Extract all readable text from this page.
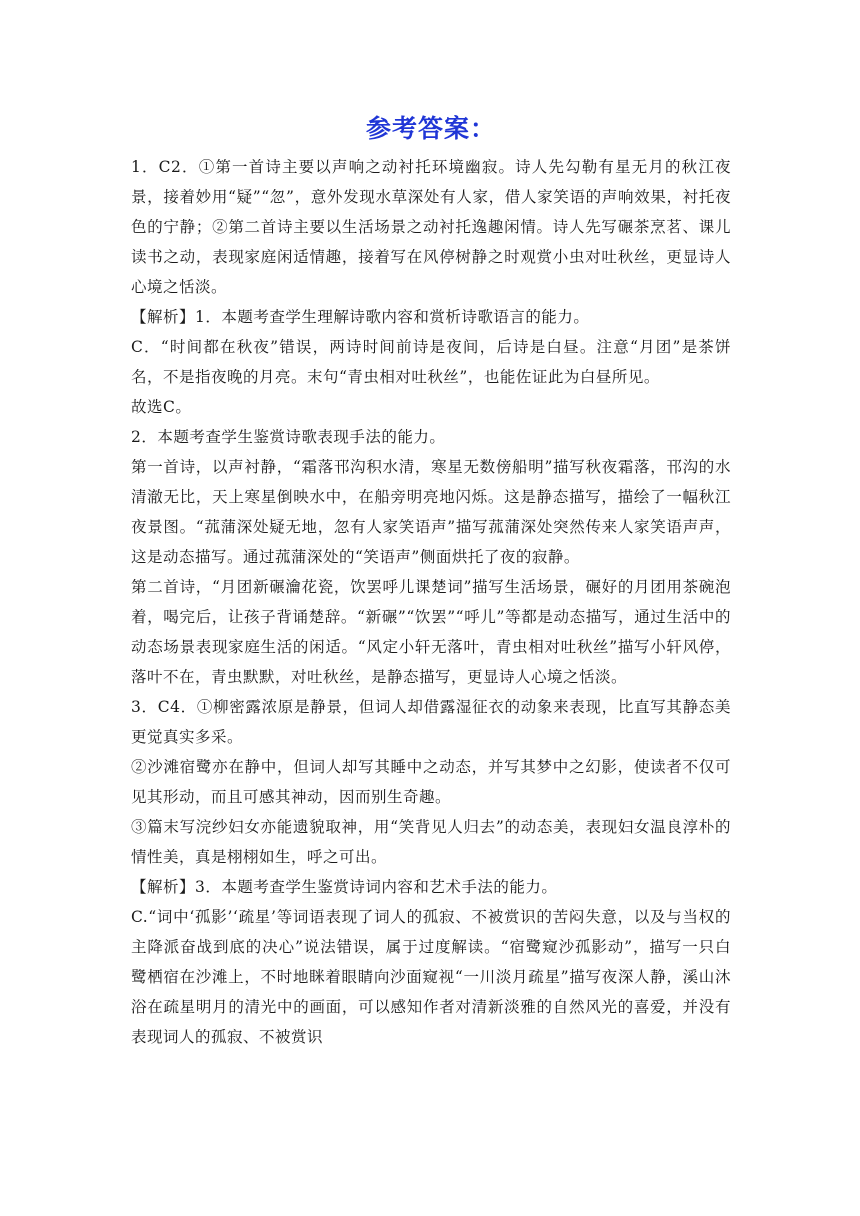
参考答案：

1．C2．①第一首诗主要以声响之动衬托环境幽寂。诗人先勾勒有星无月的秋江夜景，接着妙用“疑”“忽”，意外发现水草深处有人家，借人家笑语的声响效果，衬托夜色的宁静；②第二首诗主要以生活场景之动衬托逸趣闲情。诗人先写碾茶烹茗、课儿读书之动，表现家庭闲适情趣，接着写在风停树静之时观赏小虫对吐秋丝，更显诗人心境之恬淡。

【解析】1．本题考查学生理解诗歌内容和赏析诗歌语言的能力。

C．“时间都在秋夜”错误，两诗时间前诗是夜间，后诗是白昼。注意“月团”是茶饼名，不是指夜晚的月亮。末句“青虫相对吐秋丝”，也能佐证此为白昼所见。

故选C。

2．本题考查学生鉴赏诗歌表现手法的能力。

第一首诗，以声衬静，“霜落邗沟积水清，寒星无数傍船明”描写秋夜霜落，邗沟的水清澈无比，天上寒星倒映水中，在船旁明亮地闪烁。这是静态描写，描绘了一幅秋江夜景图。“菰蒲深处疑无地，忽有人家笑语声”描写菰蒲深处突然传来人家笑语声声，这是动态描写。通过菰蒲深处的“笑语声”侧面烘托了夜的寂静。

第二首诗，“月团新碾瀹花瓷，饮罢呼儿课楚词”描写生活场景，碾好的月团用茶碗泡着，喝完后，让孩子背诵楚辞。“新碾”“饮罢”“呼儿”等都是动态描写，通过生活中的动态场景表现家庭生活的闲适。“风定小轩无落叶，青虫相对吐秋丝”描写小轩风停，落叶不在，青虫默默，对吐秋丝，是静态描写，更显诗人心境之恬淡。

3．C4．①柳密露浓原是静景，但词人却借露湿征衣的动象来表现，比直写其静态美更觉真实多采。

②沙滩宿鹭亦在静中，但词人却写其睡中之动态，并写其梦中之幻影，使读者不仅可见其形动，而且可感其神动，因而别生奇趣。

③篇末写浣纱妇女亦能遗貌取神，用“笑背见人归去”的动态美，表现妇女温良淳朴的情性美，真是栩栩如生，呼之可出。

【解析】3．本题考查学生鉴赏诗词内容和艺术手法的能力。

C.“词中‘孤影’‘疏星’等词语表现了词人的孤寂、不被赏识的苦闷失意，以及与当权的主降派奋战到底的决心”说法错误，属于过度解读。“宿鹭窥沙孤影动”，描写一只白鹭栖宿在沙滩上，不时地眯着眼睛向沙面窥视“一川淡月疏星”描写夜深人静，溪山沐浴在疏星明月的清光中的画面，可以感知作者对清新淡雅的自然风光的喜爱，并没有表现词人的孤寂、不被赏识
